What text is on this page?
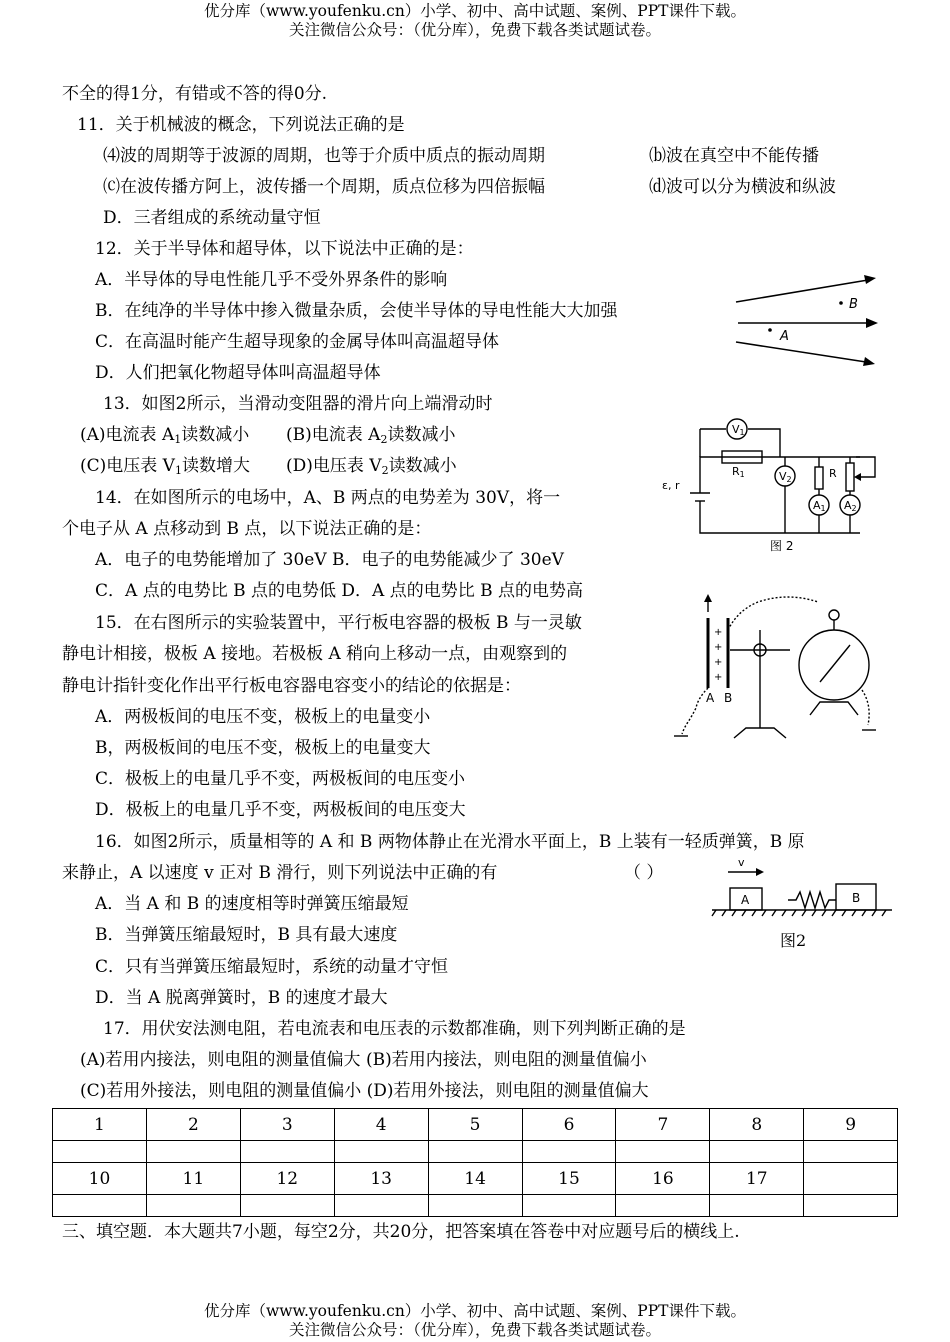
优分库（www.youfenku.cn）小学、初中、高中试题、案例、PPT课件下载。
关注微信公众号：（优分库），免费下载各类试题试卷。
不全的得1分，有错或不答的得0分.
11．关于机械波的概念，下列说法正确的是
⑷波的周期等于波源的周期，也等于介质中质点的振动周期	⒝波在真空中不能传播
⒞在波传播方阿上，波传播一个周期，质点位移为四倍振幅	⒟波可以分为横波和纵波
D．三者组成的系统动量守恒
12．关于半导体和超导体，以下说法中正确的是：
A．半导体的导电性能几乎不受外界条件的影响
B．在纯净的半导体中掺入微量杂质，会使半导体的导电性能大大加强
C．在高温时能产生超导现象的金属导体叫高温超导体
D．人们把氧化物超导体叫高温超导体
13．如图2所示，当滑动变阻器的滑片向上端滑动时
(A)电流表 $A_1$读数减小 (B)电流表 $A_2$读数减小
(C)电压表 $V_1$读数增大 (D)电压表 $V_2$读数减小
14．在如图所示的电场中，A、B 两点的电势差为 30V，将一
个电子从 A 点移动到 B 点，以下说法正确的是：
A．电子的电势能增加了 30eV B．电子的电势能减少了 30eV
C．A 点的电势比 B 点的电势低 D．A 点的电势比 B 点的电势高
15．在右图所示的实验装置中，平行板电容器的极板 B 与一灵敏
静电计相接，极板 A 接地。若极板 A 稍向上移动一点，由观察到的
静电计指针变化作出平行板电容器电容变小的结论的依据是：
A．两极板间的电压不变，极板上的电量变小
B，两极板间的电压不变，极板上的电量变大
C．极板上的电量几乎不变，两极板间的电压变小
D．极板上的电量几乎不变，两极板间的电压变大
16．如图2所示，质量相等的 A 和 B 两物体静止在光滑水平面上，B 上装有一轻质弹簧，B 原
来静止，A 以速度 v 正对 B 滑行，则下列说法中正确的有	（ ）
A．当 A 和 B 的速度相等时弹簧压缩最短
B．当弹簧压缩最短时，B 具有最大速度
C．只有当弹簧压缩最短时，系统的动量才守恒
D．当 A 脱离弹簧时，B 的速度才最大
17．用伏安法测电阻，若电流表和电压表的示数都准确，则下列判断正确的是
(A)若用内接法，则电阻的测量值偏大 (B)若用内接法，则电阻的测量值偏小
(C)若用外接法，则电阻的测量值偏小 (D)若用外接法，则电阻的测量值偏大
1	2	3	4	5	6	7	8	9

10	11	12	13	14	15	16	17	

三、填空题．本大题共7小题，每空2分，共20分，把答案填在答卷中对应题号后的横线上.
优分库（www.youfenku.cn）小学、初中、高中试题、案例、PPT课件下载。
关注微信公众号：（优分库），免费下载各类试题试卷。
B
A
ε, r
V1
R1	V2	R
A1 A2
图 2
+
+
+
+
A B
v
A	B
图2
